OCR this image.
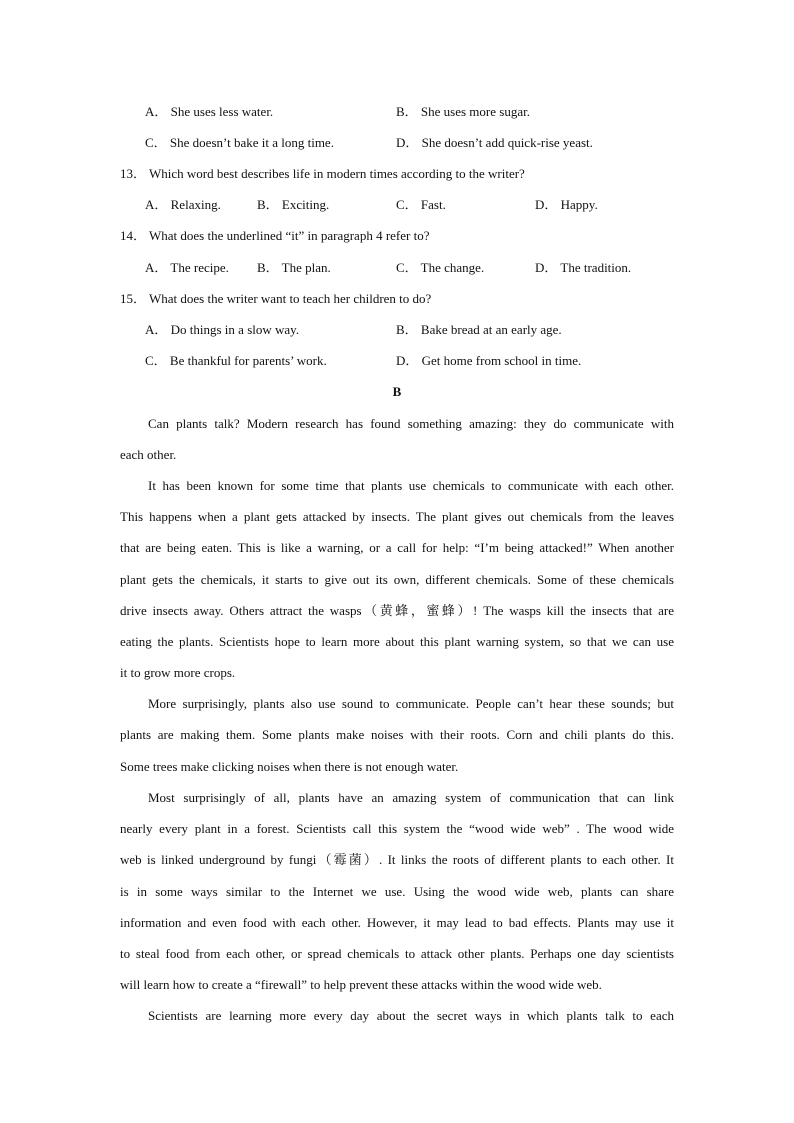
A． She uses less water.	B． She uses more sugar.
C． She doesn’t bake it a long time.	D． She doesn’t add quick-rise yeast.
13． Which word best describes life in modern times according to the writer?
A． Relaxing.	B． Exciting.	C． Fast.	D． Happy.
14． What does the underlined “it” in paragraph 4 refer to?
A． The recipe. B． The plan.	C． The change.	D． The tradition.
15． What does the writer want to teach her children to do?
A． Do things in a slow way.	B． Bake bread at an early age.
C． Be thankful for parents’ work.	D． Get home from school in time.
B
Can plants talk? Modern research has found something amazing: they do communicate with
each other.
It has been known for some time that plants use chemicals to communicate with each other.
This happens when a plant gets attacked by insects. The plant gives out chemicals from the leaves
that are being eaten. This is like a warning, or a call for help: “I’m being attacked!” When another
plant gets the chemicals, it starts to give out its own, different chemicals. Some of these chemicals
drive insects away. Others attract the wasps（黄蜂，蜜蜂）! The wasps kill the insects that are
eating the plants. Scientists hope to learn more about this plant warning system, so that we can use
it to grow more crops.
More surprisingly, plants also use sound to communicate. People can’t hear these sounds; but
plants are making them. Some plants make noises with their roots. Corn and chili plants do this.
Some trees make clicking noises when there is not enough water.
Most surprisingly of all, plants have an amazing system of communication that can link
nearly every plant in a forest. Scientists call this system the “wood wide web” . The wood wide
web is linked underground by fungi（霉菌）. It links the roots of different plants to each other. It
is in some ways similar to the Internet we use. Using the wood wide web, plants can share
information and even food with each other. However, it may lead to bad effects. Plants may use it
to steal food from each other, or spread chemicals to attack other plants. Perhaps one day scientists
will learn how to create a “firewall” to help prevent these attacks within the wood wide web.
Scientists are learning more every day about the secret ways in which plants talk to each
